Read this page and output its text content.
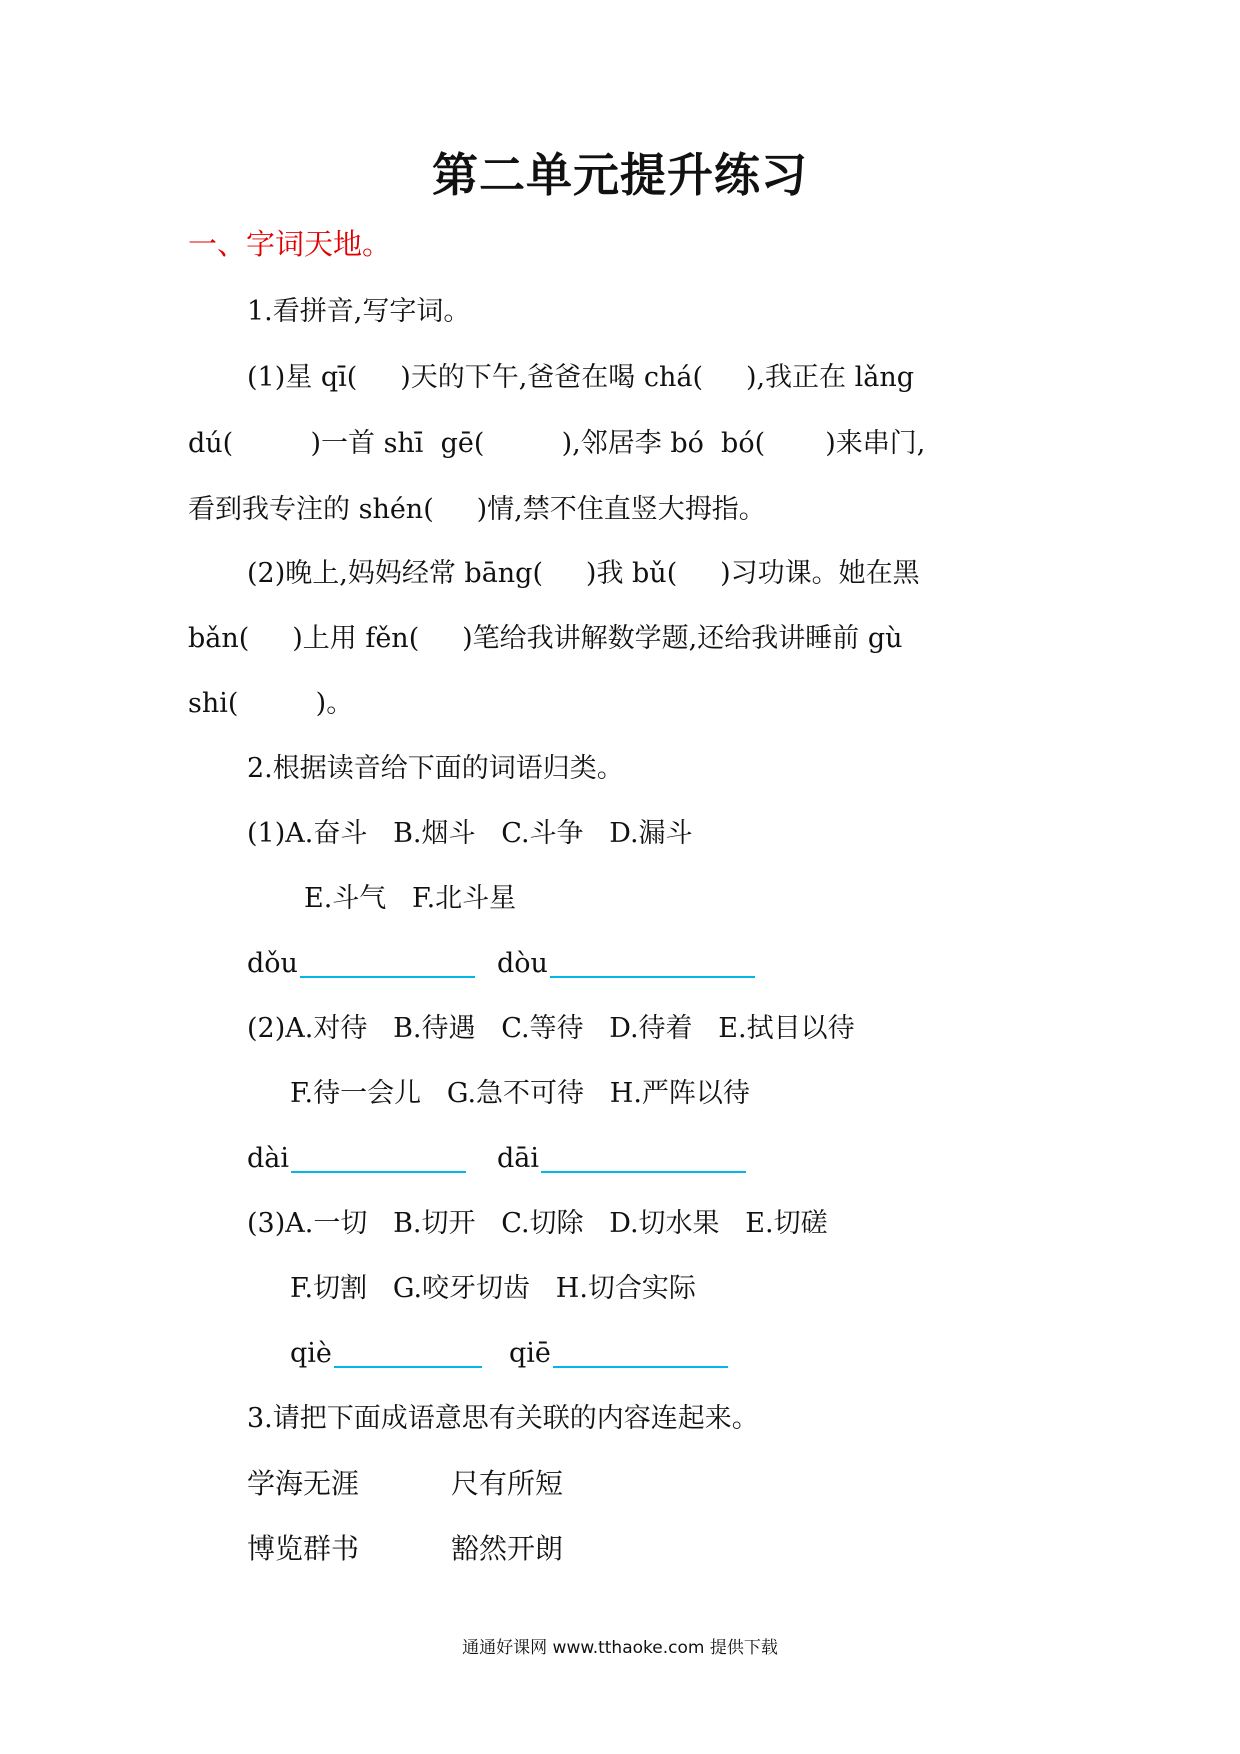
第二单元提升练习
一、字词天地。
1.看拼音,写字词。
(1)星 qī(     )天的下午,爸爸在喝 chá(     ),我正在 lǎng
dú(         )一首 shī  gē(         ),邻居李 bó  bó(       )来串门,
看到我专注的 shén(     )情,禁不住直竖大拇指。
(2)晚上,妈妈经常 bāng(     )我 bǔ(     )习功课。她在黑
bǎn(     )上用 fěn(     )笔给我讲解数学题,还给我讲睡前 gù
shi(         )。
2.根据读音给下面的词语归类。
(1)A.奋斗   B.烟斗   C.斗争   D.漏斗
E.斗气   F.北斗星
dǒu	dòu
(2)A.对待   B.待遇   C.等待   D.待着   E.拭目以待
F.待一会儿   G.急不可待   H.严阵以待
dài	dāi
(3)A.一切   B.切开   C.切除   D.切水果   E.切磋
F.切割   G.咬牙切齿   H.切合实际
qiè	qiē
3.请把下面成语意思有关联的内容连起来。
学海无涯	尺有所短
博览群书	豁然开朗
通通好课网 www.tthaoke.com 提供下载
